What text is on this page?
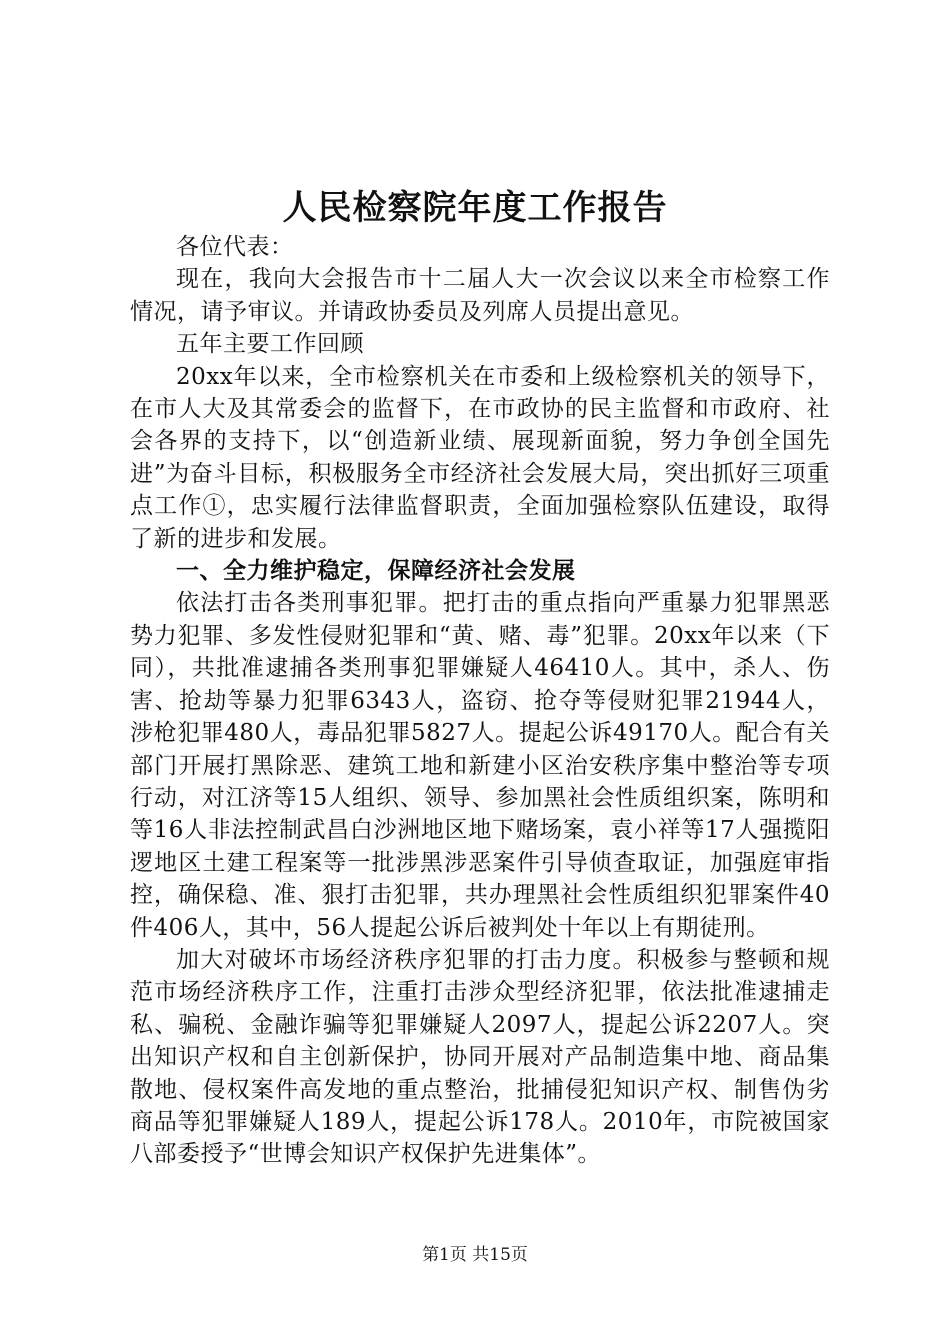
人民检察院年度工作报告

各位代表：

现在，我向大会报告市十二届人大一次会议以来全市检察工作情况，请予审议。并请政协委员及列席人员提出意见。

五年主要工作回顾

20xx年以来，全市检察机关在市委和上级检察机关的领导下，在市人大及其常委会的监督下，在市政协的民主监督和市政府、社会各界的支持下，以“创造新业绩、展现新面貌，努力争创全国先进”为奋斗目标，积极服务全市经济社会发展大局，突出抓好三项重点工作①，忠实履行法律监督职责，全面加强检察队伍建设，取得了新的进步和发展。

一、全力维护稳定，保障经济社会发展

依法打击各类刑事犯罪。把打击的重点指向严重暴力犯罪黑恶势力犯罪、多发性侵财犯罪和“黄、赌、毒”犯罪。20xx年以来（下同），共批准逮捕各类刑事犯罪嫌疑人46410人。其中，杀人、伤害、抢劫等暴力犯罪6343人，盗窃、抢夺等侵财犯罪21944人，涉枪犯罪480人，毒品犯罪5827人。提起公诉49170人。配合有关部门开展打黑除恶、建筑工地和新建小区治安秩序集中整治等专项行动，对江济等15人组织、领导、参加黑社会性质组织案，陈明和等16人非法控制武昌白沙洲地区地下赌场案，袁小祥等17人强揽阳逻地区土建工程案等一批涉黑涉恶案件引导侦查取证，加强庭审指控，确保稳、准、狠打击犯罪，共办理黑社会性质组织犯罪案件40件406人，其中，56人提起公诉后被判处十年以上有期徒刑。

加大对破坏市场经济秩序犯罪的打击力度。积极参与整顿和规范市场经济秩序工作，注重打击涉众型经济犯罪，依法批准逮捕走私、骗税、金融诈骗等犯罪嫌疑人2097人，提起公诉2207人。突出知识产权和自主创新保护，协同开展对产品制造集中地、商品集散地、侵权案件高发地的重点整治，批捕侵犯知识产权、制售伪劣商品等犯罪嫌疑人189人，提起公诉178人。2010年，市院被国家八部委授予“世博会知识产权保护先进集体”。

第1页 共15页
